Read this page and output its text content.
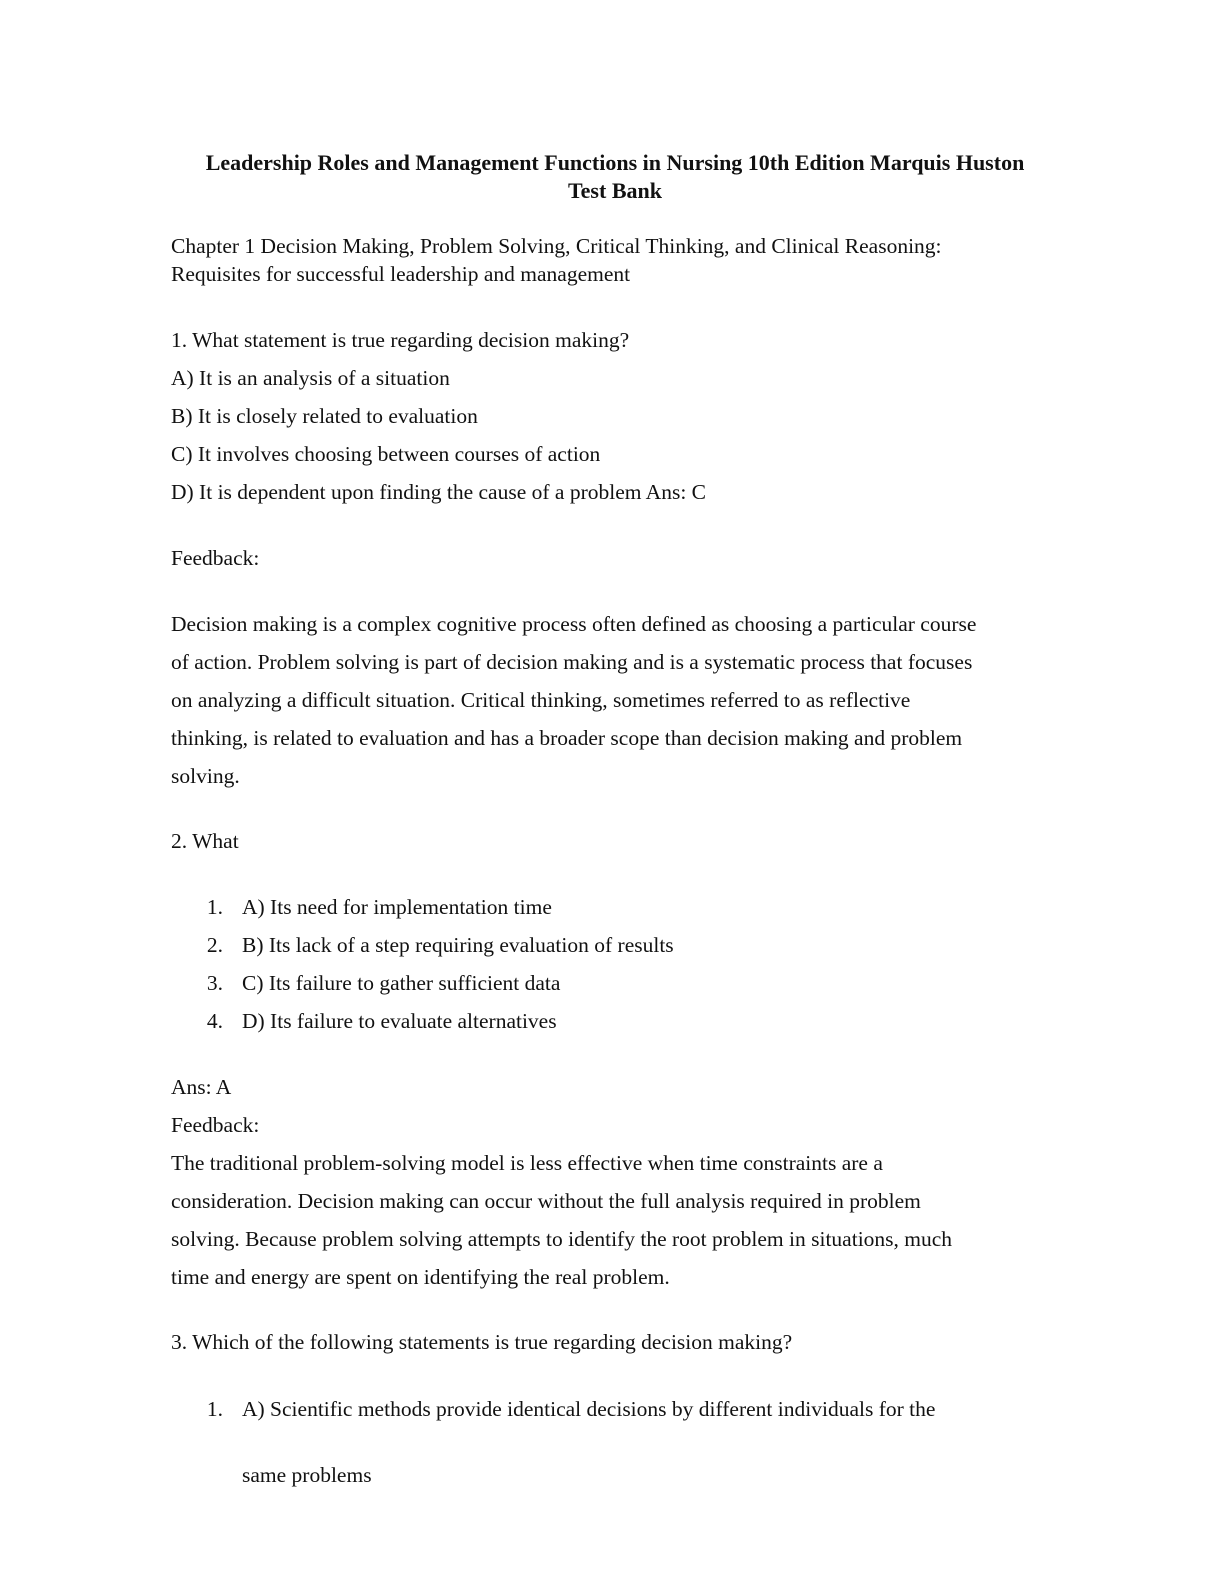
Leadership Roles and Management Functions in Nursing 10th Edition Marquis Huston

Test Bank

Chapter 1 Decision Making, Problem Solving, Critical Thinking, and Clinical Reasoning:

Requisites for successful leadership and management

1. What statement is true regarding decision making?

A) It is an analysis of a situation

B) It is closely related to evaluation

C) It involves choosing between courses of action

D) It is dependent upon finding the cause of a problem Ans: C

Feedback:

Decision making is a complex cognitive process often defined as choosing a particular course

of action. Problem solving is part of decision making and is a systematic process that focuses

on analyzing a difficult situation. Critical thinking, sometimes referred to as reflective

thinking, is related to evaluation and has a broader scope than decision making and problem

solving.

2. What

1. A) Its need for implementation time

2. B) Its lack of a step requiring evaluation of results

3. C) Its failure to gather sufficient data

4. D) Its failure to evaluate alternatives

Ans: A

Feedback:

The traditional problem-solving model is less effective when time constraints are a

consideration. Decision making can occur without the full analysis required in problem

solving. Because problem solving attempts to identify the root problem in situations, much

time and energy are spent on identifying the real problem.

3. Which of the following statements is true regarding decision making?

1. A) Scientific methods provide identical decisions by different individuals for the

same problems
